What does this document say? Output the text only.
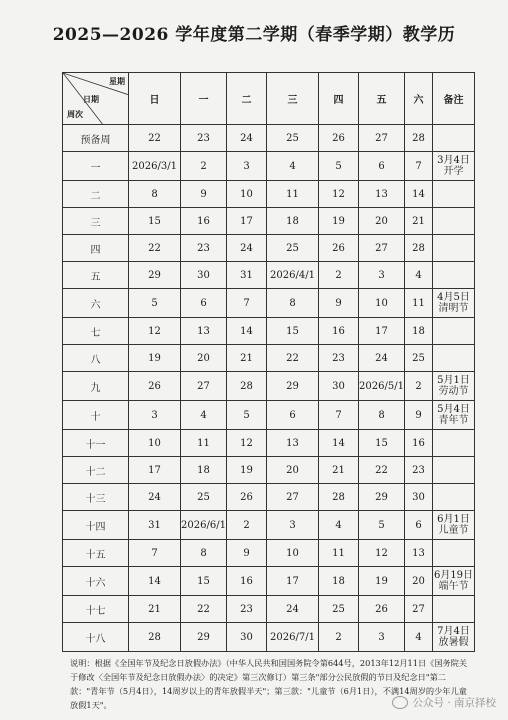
2025—2026 学年度第二学期（春季学期）教学历
星期
日期
周次	日	一	二	三	四	五	六	备注
预备周	22	23	24	25	26	27	28	
一	2026/3/1	2	3	4	5	6	7	3月4日
开学
二	8	9	10	11	12	13	14	
三	15	16	17	18	19	20	21	
四	22	23	24	25	26	27	28	
五	29	30	31	2026/4/1	2	3	4	
六	5	6	7	8	9	10	11	4月5日
清明节
七	12	13	14	15	16	17	18	
八	19	20	21	22	23	24	25	
九	26	27	28	29	30	2026/5/1	2	5月1日
劳动节
十	3	4	5	6	7	8	9	5月4日
青年节
十一	10	11	12	13	14	15	16	
十二	17	18	19	20	21	22	23	
十三	24	25	26	27	28	29	30	
十四	31	2026/6/1	2	3	4	5	6	6月1日
儿童节
十五	7	8	9	10	11	12	13	
十六	14	15	16	17	18	19	20	6月19日
端午节
十七	21	22	23	24	25	26	27	
十八	28	29	30	2026/7/1	2	3	4	7月4日
放暑假
说明：根据《全国年节及纪念日放假办法》（中华人民共和国国务院令第644号，2013年12月11日《国务院关于修改〈全国年节及纪念日放假办法〉的决定》第三次修订）第三条"部分公民放假的节日及纪念日"第二款："青年节（5月4日），14周岁以上的青年放假半天"；第三款："儿童节（6月1日），不满14周岁的少年儿童放假1天"。	公众号 · 南京择校
